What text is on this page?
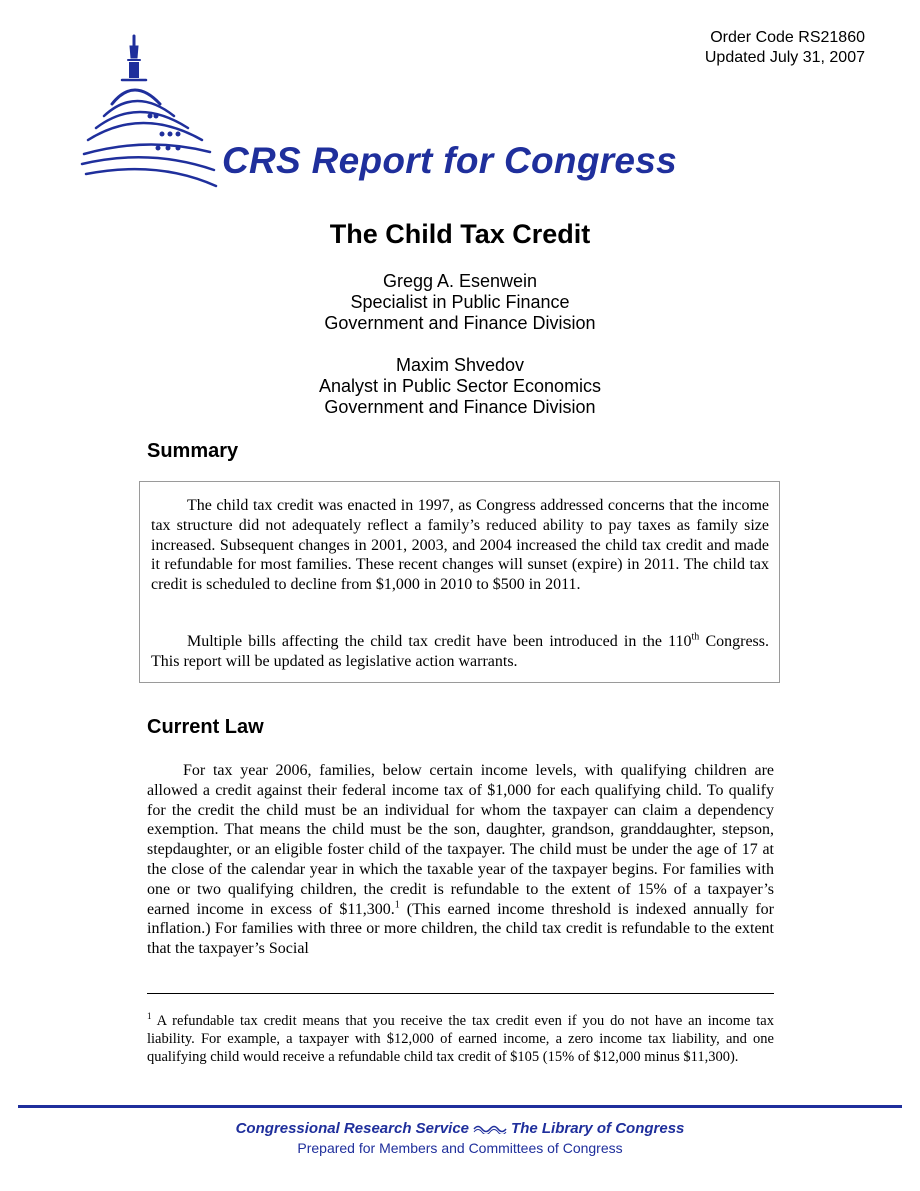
Order Code RS21860
Updated July 31, 2007
CRS Report for Congress
The Child Tax Credit
Gregg A. Esenwein
Specialist in Public Finance
Government and Finance Division
Maxim Shvedov
Analyst in Public Sector Economics
Government and Finance Division
Summary

The child tax credit was enacted in 1997, as Congress addressed concerns that the income tax structure did not adequately reflect a family’s reduced ability to pay taxes as family size increased. Subsequent changes in 2001, 2003, and 2004 increased the child tax credit and made it refundable for most families. These recent changes will sunset (expire) in 2011. The child tax credit is scheduled to decline from $1,000 in 2010 to $500 in 2011.

Multiple bills affecting the child tax credit have been introduced in the 110th Congress. This report will be updated as legislative action warrants.

Current Law

For tax year 2006, families, below certain income levels, with qualifying children are allowed a credit against their federal income tax of $1,000 for each qualifying child. To qualify for the credit the child must be an individual for whom the taxpayer can claim a dependency exemption. That means the child must be the son, daughter, grandson, granddaughter, stepson, stepdaughter, or an eligible foster child of the taxpayer. The child must be under the age of 17 at the close of the calendar year in which the taxable year of the taxpayer begins. For families with one or two qualifying children, the credit is refundable to the extent of 15% of a taxpayer’s earned income in excess of $11,300.$^1$ (This earned income threshold is indexed annually for inflation.) For families with three or more children, the child tax credit is refundable to the extent that the taxpayer’s Social

$^1$ A refundable tax credit means that you receive the tax credit even if you do not have an income tax liability. For example, a taxpayer with $12,000 of earned income, a zero income tax liability, and one qualifying child would receive a refundable child tax credit of $105 (15% of $12,000 minus $11,300).

Congressional Research Service	The Library of Congress
Prepared for Members and Committees of Congress
